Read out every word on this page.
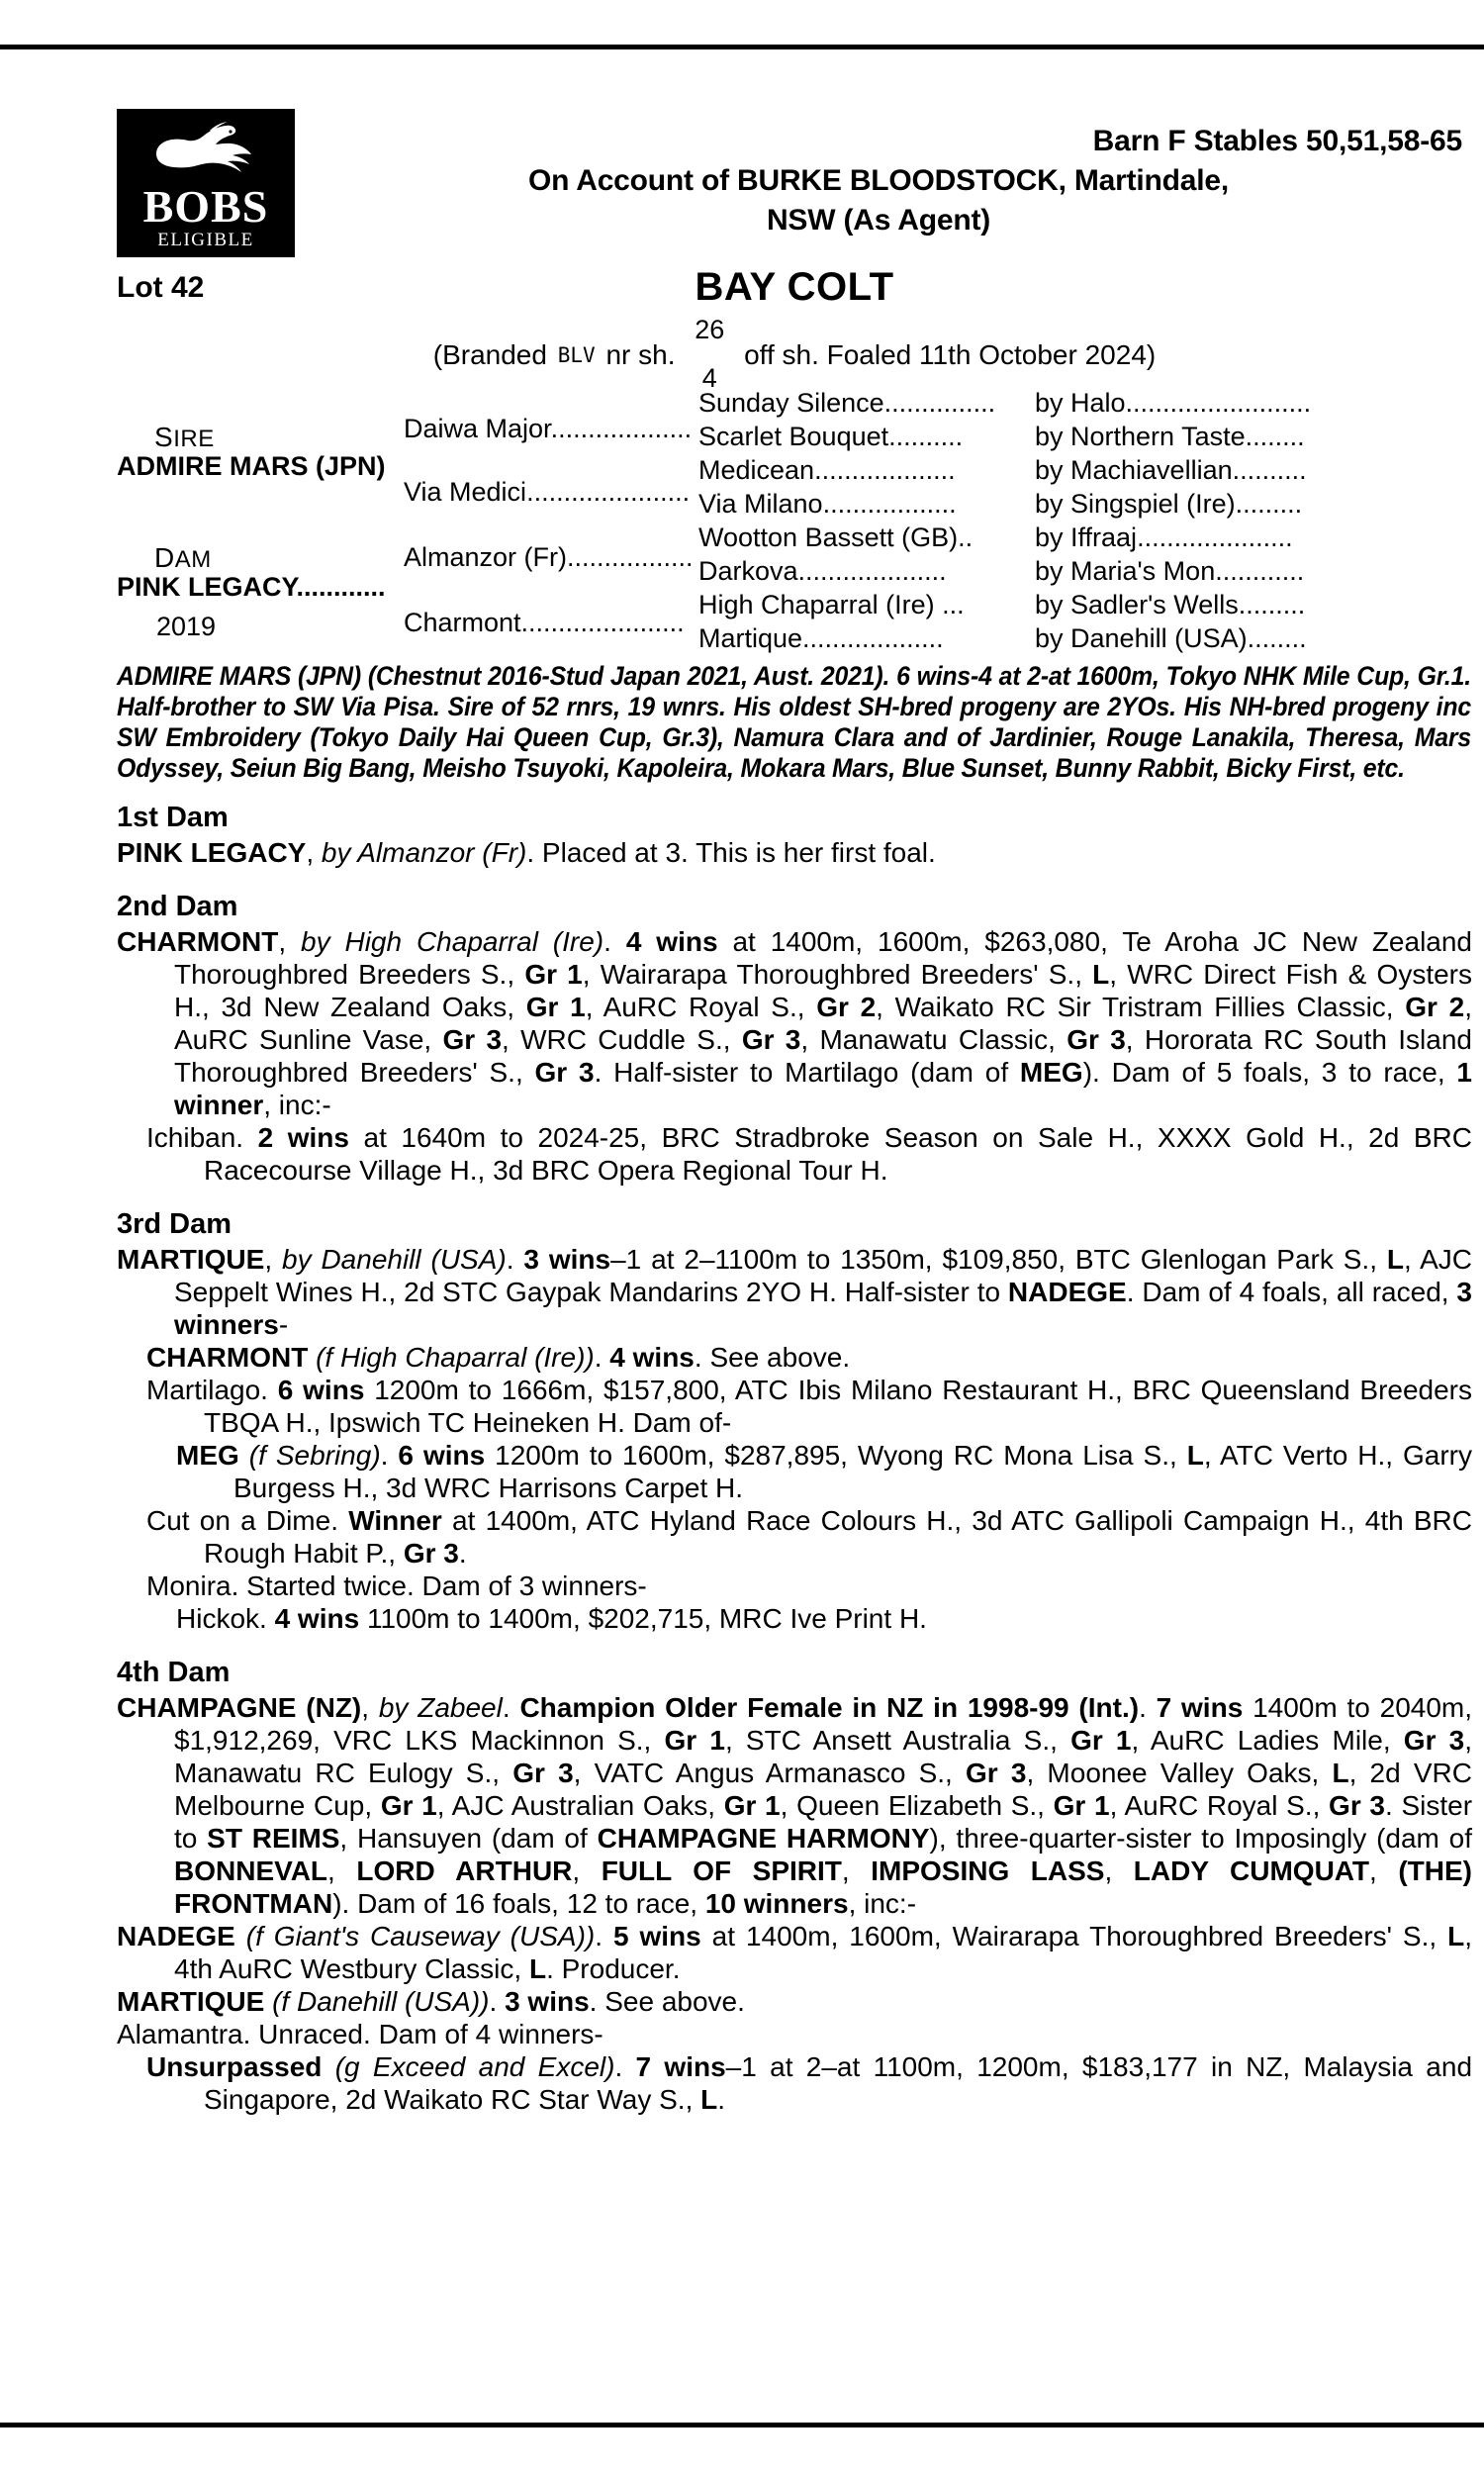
BOBS
ELIGIBLE
Barn F Stables 50,51,58-65
On Account of BURKE BLOODSTOCK, Martindale,
NSW (As Agent)
Lot 42	BAY COLT
(Branded BLV nr sh.
26
4
off sh. Foaled 11th October 2024)
SIRE
ADMIRE MARS (JPN)
DAM
PINK LEGACY............
2019
Daiwa Major...................
Via Medici......................
Almanzor (Fr).................
Charmont......................
Sunday Silence...............
Scarlet Bouquet..........
Medicean...................
Via Milano..................
Wootton Bassett (GB)..
Darkova....................
High Chaparral (Ire) ...
Martique...................
by Halo.........................
by Northern Taste........
by Machiavellian..........
by Singspiel (Ire).........
by Iffraaj.....................
by Maria's Mon............
by Sadler's Wells.........
by Danehill (USA)........
ADMIRE MARS (JPN) (Chestnut 2016-Stud Japan 2021, Aust. 2021). 6 wins-4 at 2-at 1600m, Tokyo NHK Mile Cup, Gr.1. Half-brother to SW Via Pisa. Sire of 52 rnrs, 19 wnrs. His oldest SH-bred progeny are 2YOs. His NH-bred progeny inc SW Embroidery (Tokyo Daily Hai Queen Cup, Gr.3), Namura Clara and of Jardinier, Rouge Lanakila, Theresa, Mars Odyssey, Seiun Big Bang, Meisho Tsuyoki, Kapoleira, Mokara Mars, Blue Sunset, Bunny Rabbit, Bicky First, etc.
1st Dam

PINK LEGACY, by Almanzor (Fr). Placed at 3. This is her first foal.

2nd Dam

CHARMONT, by High Chaparral (Ire). 4 wins at 1400m, 1600m, $263,080, Te Aroha JC New Zealand Thoroughbred Breeders S., Gr 1, Wairarapa Thoroughbred Breeders' S., L, WRC Direct Fish & Oysters H., 3d New Zealand Oaks, Gr 1, AuRC Royal S., Gr 2, Waikato RC Sir Tristram Fillies Classic, Gr 2, AuRC Sunline Vase, Gr 3, WRC Cuddle S., Gr 3, Manawatu Classic, Gr 3, Hororata RC South Island Thoroughbred Breeders' S., Gr 3. Half-sister to Martilago (dam of MEG). Dam of 5 foals, 3 to race, 1 winner, inc:-

Ichiban. 2 wins at 1640m to 2024-25, BRC Stradbroke Season on Sale H., XXXX Gold H., 2d BRC Racecourse Village H., 3d BRC Opera Regional Tour H.

3rd Dam

MARTIQUE, by Danehill (USA). 3 wins–1 at 2–1100m to 1350m, $109,850, BTC Glenlogan Park S., L, AJC Seppelt Wines H., 2d STC Gaypak Mandarins 2YO H. Half-sister to NADEGE. Dam of 4 foals, all raced, 3 winners-

CHARMONT (f High Chaparral (Ire)). 4 wins. See above.

Martilago. 6 wins 1200m to 1666m, $157,800, ATC Ibis Milano Restaurant H., BRC Queensland Breeders TBQA H., Ipswich TC Heineken H. Dam of-

MEG (f Sebring). 6 wins 1200m to 1600m, $287,895, Wyong RC Mona Lisa S., L, ATC Verto H., Garry Burgess H., 3d WRC Harrisons Carpet H.

Cut on a Dime. Winner at 1400m, ATC Hyland Race Colours H., 3d ATC Gallipoli Campaign H., 4th BRC Rough Habit P., Gr 3.

Monira. Started twice. Dam of 3 winners-

Hickok. 4 wins 1100m to 1400m, $202,715, MRC Ive Print H.

4th Dam

CHAMPAGNE (NZ), by Zabeel. Champion Older Female in NZ in 1998-99 (Int.). 7 wins 1400m to 2040m, $1,912,269, VRC LKS Mackinnon S., Gr 1, STC Ansett Australia S., Gr 1, AuRC Ladies Mile, Gr 3, Manawatu RC Eulogy S., Gr 3, VATC Angus Armanasco S., Gr 3, Moonee Valley Oaks, L, 2d VRC Melbourne Cup, Gr 1, AJC Australian Oaks, Gr 1, Queen Elizabeth S., Gr 1, AuRC Royal S., Gr 3. Sister to ST REIMS, Hansuyen (dam of CHAMPAGNE HARMONY), three-quarter-sister to Imposingly (dam of BONNEVAL, LORD ARTHUR, FULL OF SPIRIT, IMPOSING LASS, LADY CUMQUAT, (THE) FRONTMAN). Dam of 16 foals, 12 to race, 10 winners, inc:-

NADEGE (f Giant's Causeway (USA)). 5 wins at 1400m, 1600m, Wairarapa Thoroughbred Breeders' S., L, 4th AuRC Westbury Classic, L. Producer.

MARTIQUE (f Danehill (USA)). 3 wins. See above.

Alamantra. Unraced. Dam of 4 winners-

Unsurpassed (g Exceed and Excel). 7 wins–1 at 2–at 1100m, 1200m, $183,177 in NZ, Malaysia and Singapore, 2d Waikato RC Star Way S., L.
